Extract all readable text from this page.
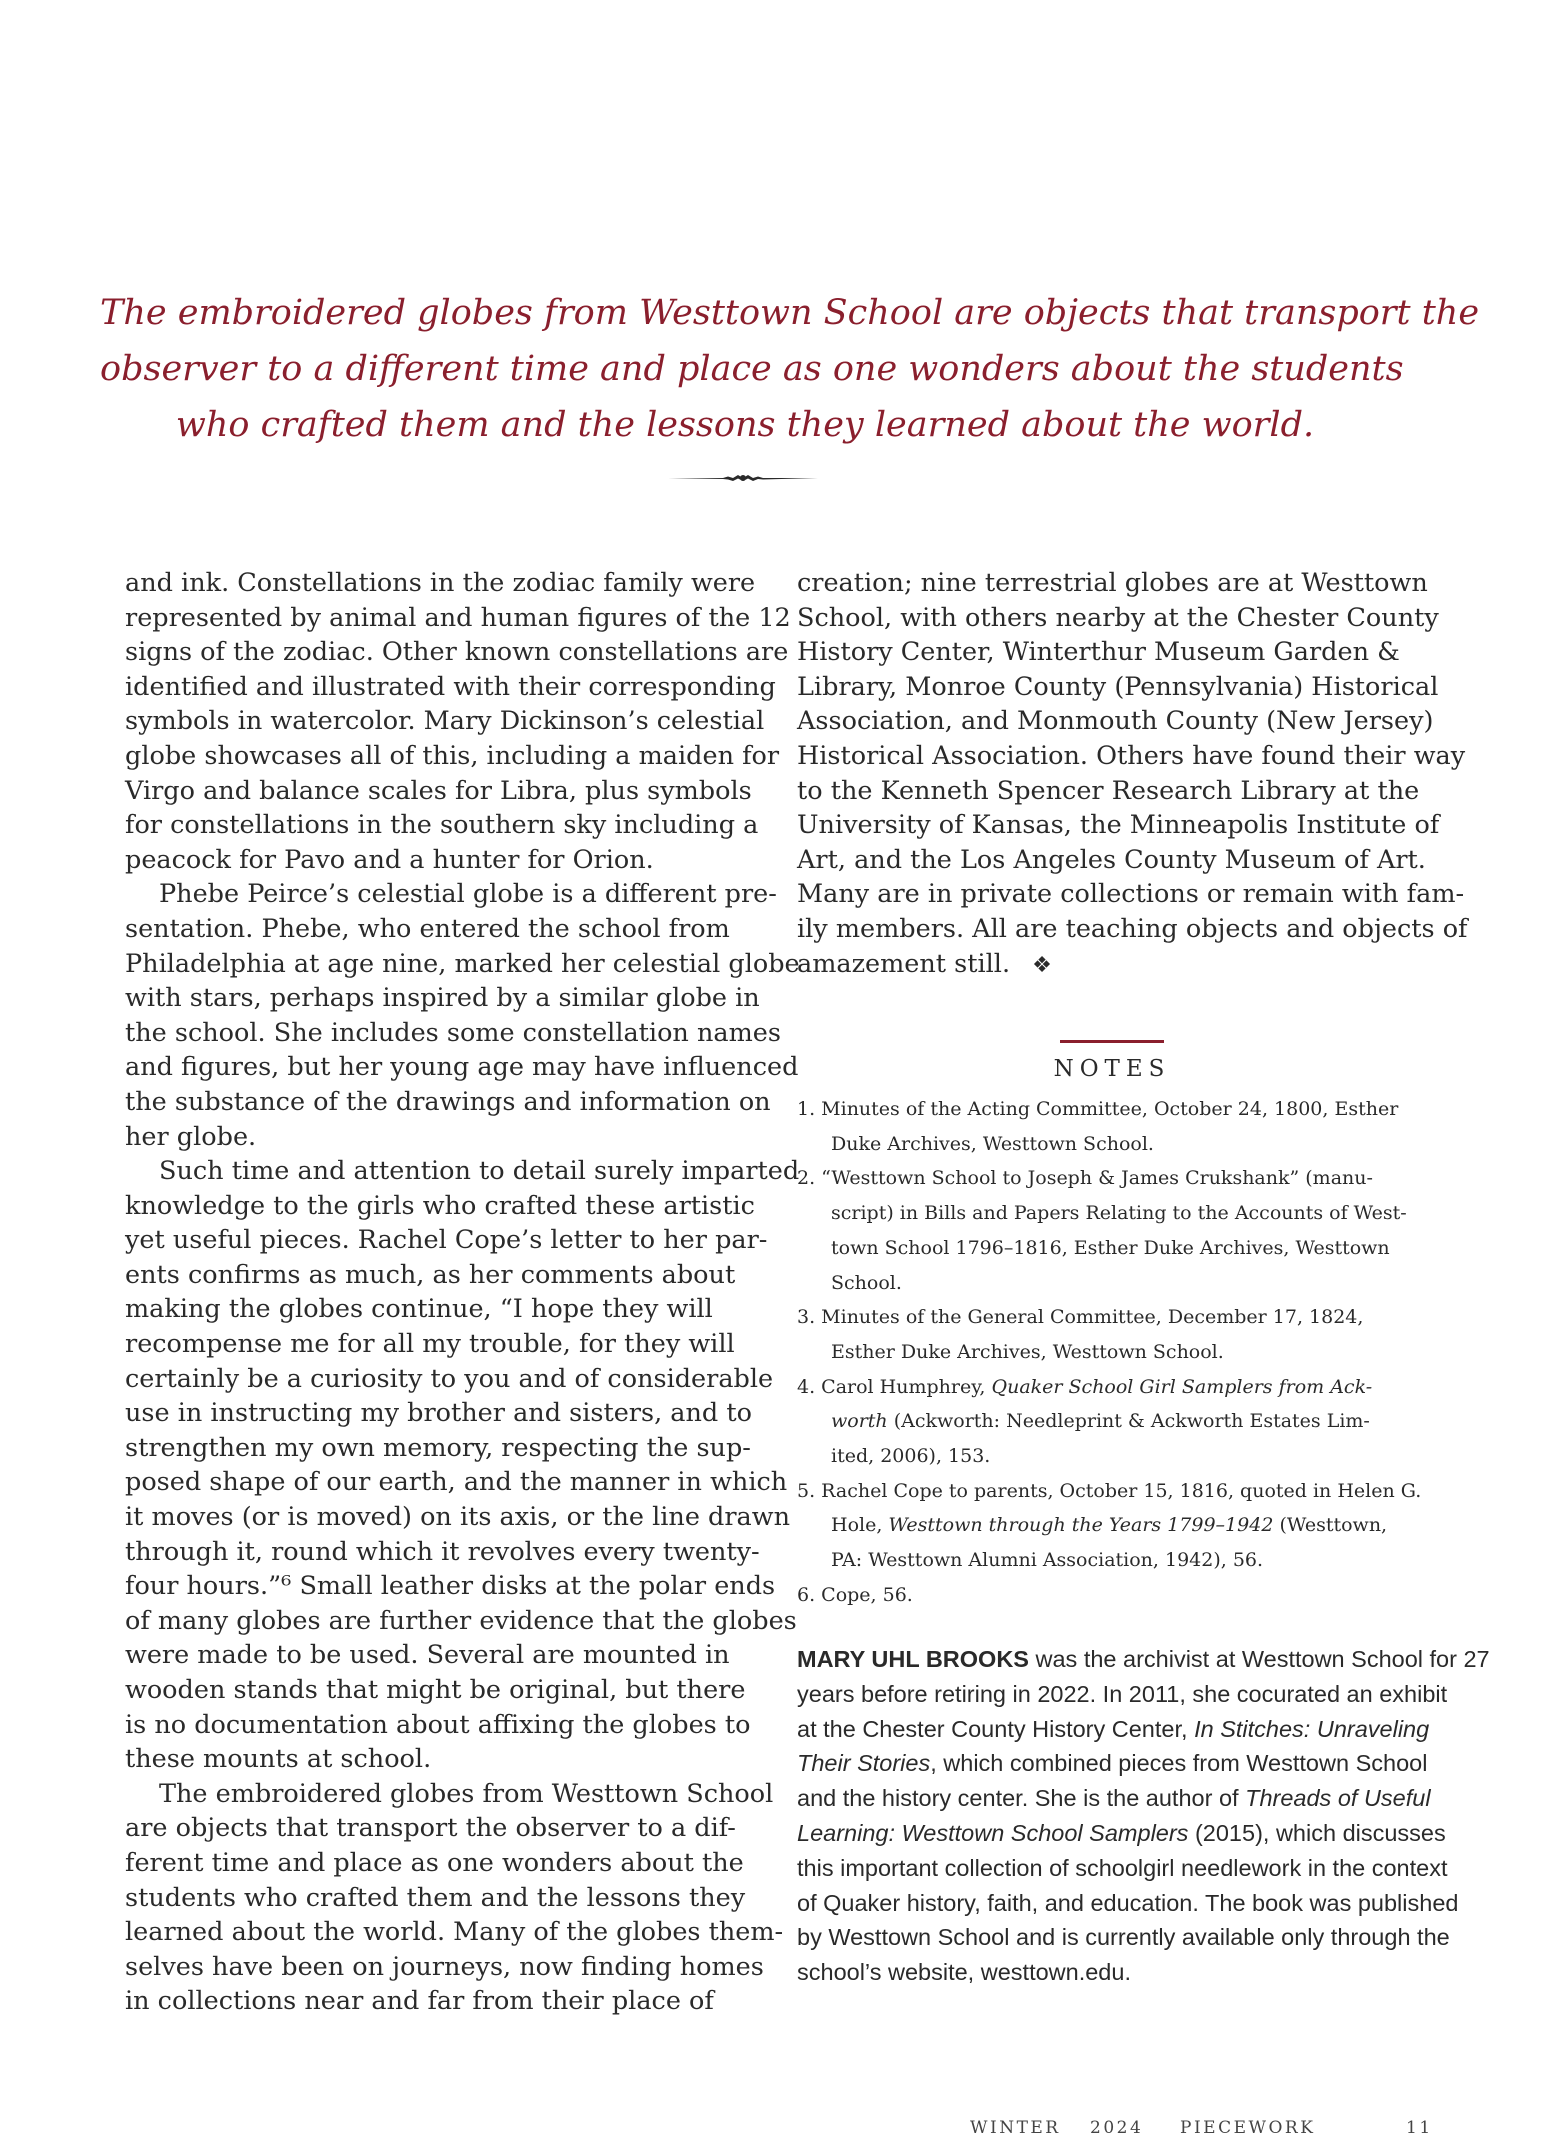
The embroidered globes from Westtown School are objects that transport the
observer to a different time and place as one wonders about the students
who crafted them and the lessons they learned about the world.
and ink. Constellations in the zodiac family were
represented by animal and human figures of the 12
signs of the zodiac. Other known constellations are
identified and illustrated with their corresponding
symbols in watercolor. Mary Dickinson’s celestial
globe showcases all of this, including a maiden for
Virgo and balance scales for Libra, plus symbols
for constellations in the southern sky including a
peacock for Pavo and a hunter for Orion.
Phebe Peirce’s celestial globe is a different pre-
sentation. Phebe, who entered the school from
Philadelphia at age nine, marked her celestial globe
with stars, perhaps inspired by a similar globe in
the school. She includes some constellation names
and figures, but her young age may have influenced
the substance of the drawings and information on
her globe.
Such time and attention to detail surely imparted
knowledge to the girls who crafted these artistic
yet useful pieces. Rachel Cope’s letter to her par-
ents confirms as much, as her comments about
making the globes continue, “I hope they will
recompense me for all my trouble, for they will
certainly be a curiosity to you and of considerable
use in instructing my brother and sisters, and to
strengthen my own memory, respecting the sup-
posed shape of our earth, and the manner in which
it moves (or is moved) on its axis, or the line drawn
through it, round which it revolves every twenty-
four hours.”⁶ Small leather disks at the polar ends
of many globes are further evidence that the globes
were made to be used. Several are mounted in
wooden stands that might be original, but there
is no documentation about affixing the globes to
these mounts at school.
The embroidered globes from Westtown School
are objects that transport the observer to a dif-
ferent time and place as one wonders about the
students who crafted them and the lessons they
learned about the world. Many of the globes them-
selves have been on journeys, now finding homes
in collections near and far from their place of
creation; nine terrestrial globes are at Westtown
School, with others nearby at the Chester County
History Center, Winterthur Museum Garden &
Library, Monroe County (Pennsylvania) Historical
Association, and Monmouth County (New Jersey)
Historical Association. Others have found their way
to the Kenneth Spencer Research Library at the
University of Kansas, the Minneapolis Institute of
Art, and the Los Angeles County Museum of Art.
Many are in private collections or remain with fam-
ily members. All are teaching objects and objects of
amazement still. ❖
NOTES
1. Minutes of the Acting Committee, October 24, 1800, Esther
Duke Archives, Westtown School.
2. “Westtown School to Joseph & James Crukshank” (manu-
script) in Bills and Papers Relating to the Accounts of West-
town School 1796–1816, Esther Duke Archives, Westtown
School.
3. Minutes of the General Committee, December 17, 1824,
Esther Duke Archives, Westtown School.
4. Carol Humphrey, Quaker School Girl Samplers from Ack-
worth (Ackworth: Needleprint & Ackworth Estates Lim-
ited, 2006), 153.
5. Rachel Cope to parents, October 15, 1816, quoted in Helen G.
Hole, Westtown through the Years 1799–1942 (Westtown,
PA: Westtown Alumni Association, 1942), 56.
6. Cope, 56.
MARY UHL BROOKS was the archivist at Westtown School for 27
years before retiring in 2022. In 2011, she cocurated an exhibit
at the Chester County History Center, In Stitches: Unraveling
Their Stories, which combined pieces from Westtown School
and the history center. She is the author of Threads of Useful
Learning: Westtown School Samplers (2015), which discusses
this important collection of schoolgirl needlework in the context
of Quaker history, faith, and education. The book was published
by Westtown School and is currently available only through the
school’s website, westtown.edu.
WINTER 2024 PIECEWORK	11
